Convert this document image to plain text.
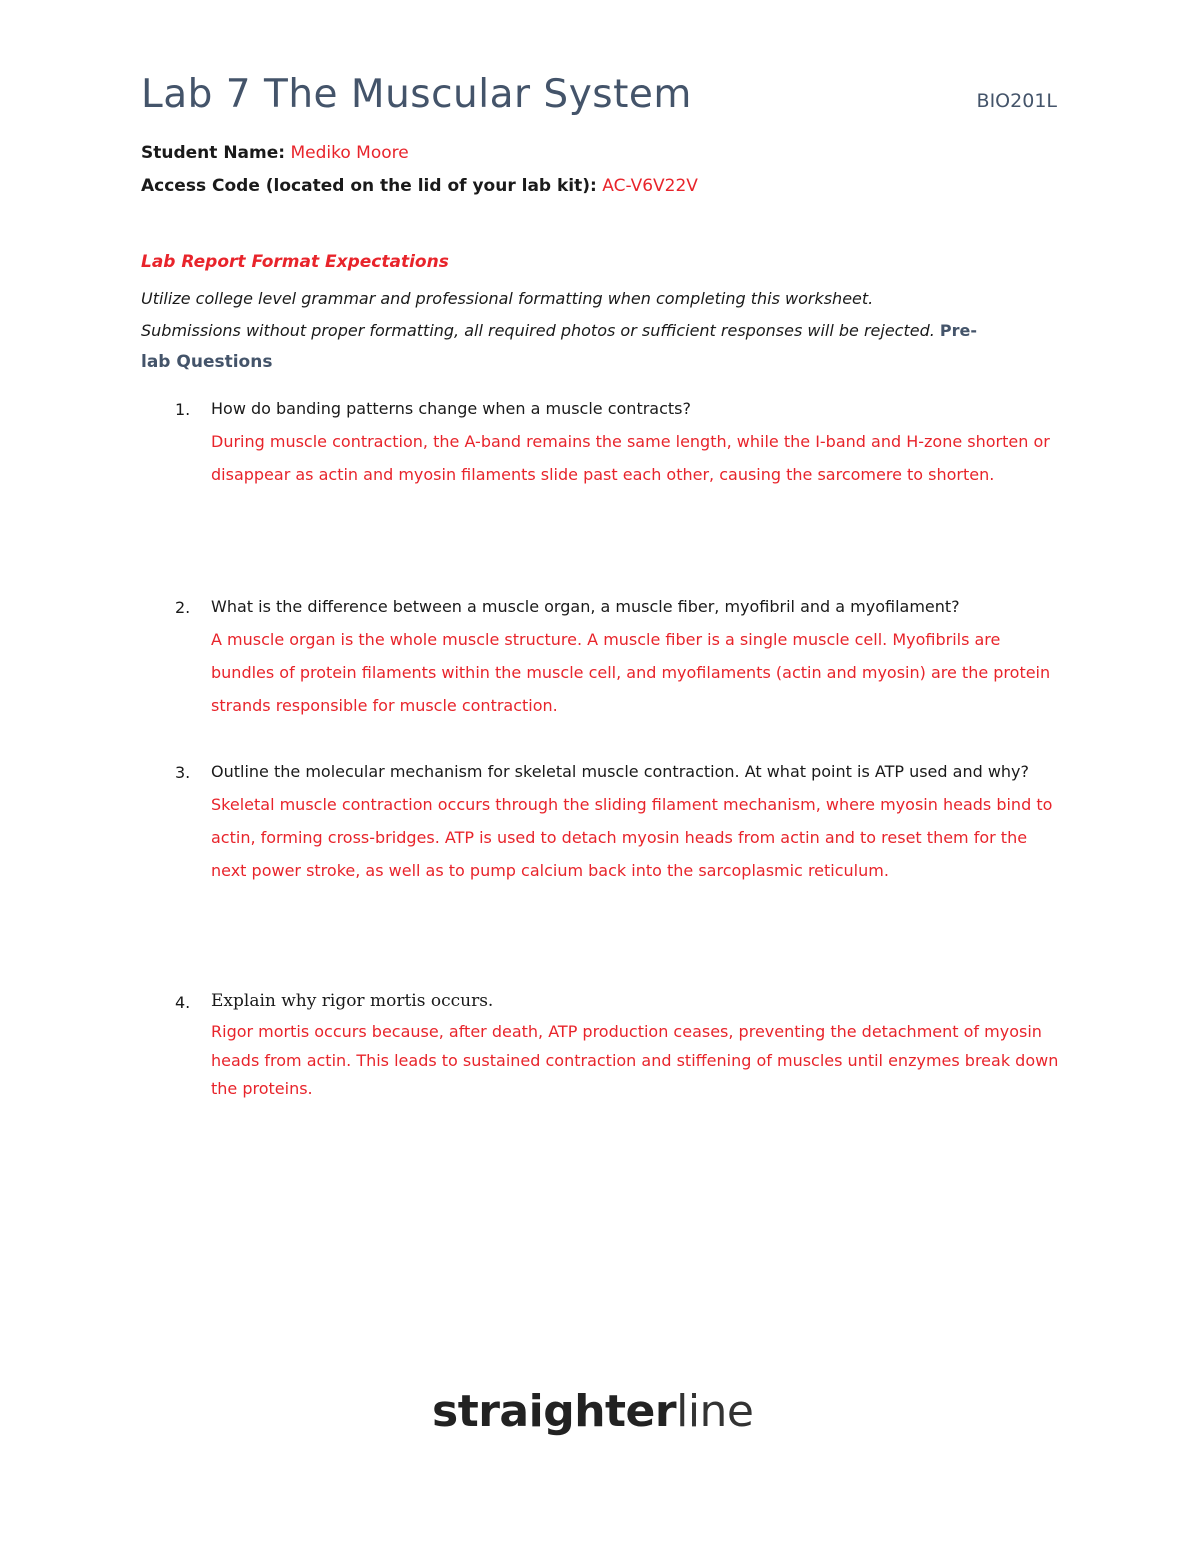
Lab 7 The Muscular System	BIO201L
Student Name: Mediko Moore
Access Code (located on the lid of your lab kit): AC-V6V22V
Lab Report Format Expectations
Utilize college level grammar and professional formatting when completing this worksheet.
Submissions without proper formatting, all required photos or sufficient responses will be rejected. Pre-
lab Questions
1. How do banding patterns change when a muscle contracts?
During muscle contraction, the A-band remains the same length, while the I-band and H-zone shorten or disappear as actin and myosin filaments slide past each other, causing the sarcomere to shorten.
2. What is the difference between a muscle organ, a muscle fiber, myofibril and a myofilament?
A muscle organ is the whole muscle structure. A muscle fiber is a single muscle cell. Myofibrils are bundles of protein filaments within the muscle cell, and myofilaments (actin and myosin) are the protein strands responsible for muscle contraction.
3. Outline the molecular mechanism for skeletal muscle contraction. At what point is ATP used and why?
Skeletal muscle contraction occurs through the sliding filament mechanism, where myosin heads bind to actin, forming cross-bridges. ATP is used to detach myosin heads from actin and to reset them for the next power stroke, as well as to pump calcium back into the sarcoplasmic reticulum.
4. Explain why rigor mortis occurs.
Rigor mortis occurs because, after death, ATP production ceases, preventing the detachment of myosin heads from actin. This leads to sustained contraction and stiffening of muscles until enzymes break down the proteins.
straighterline
